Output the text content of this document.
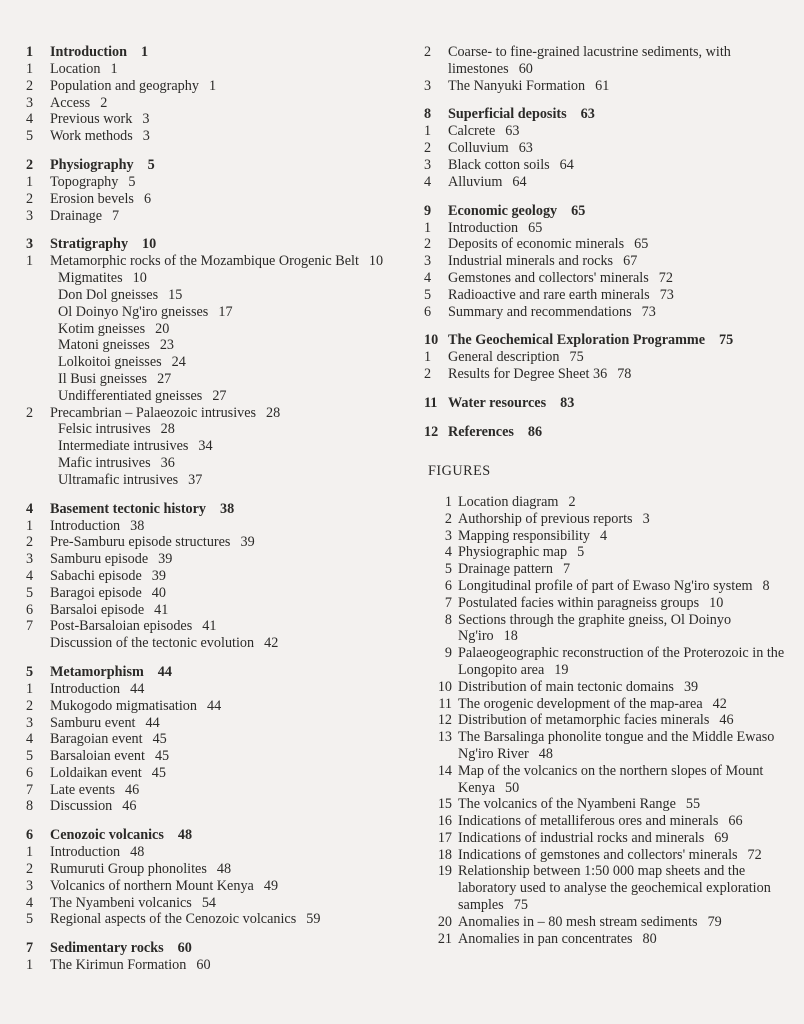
1	Introduction 1
1	Location 1
2	Population and geography 1
3	Access 2
4	Previous work 3
5	Work methods 3
2	Physiography 5
1	Topography 5
2	Erosion bevels 6
3	Drainage 7
3	Stratigraphy 10
1	Metamorphic rocks of the Mozambique Orogenic Belt 10
Migmatites 10
Don Dol gneisses 15
Ol Doinyo Ng'iro gneisses 17
Kotim gneisses 20
Matoni gneisses 23
Lolkoitoi gneisses 24
Il Busi gneisses 27
Undifferentiated gneisses 27
2	Precambrian – Palaeozoic intrusives 28
Felsic intrusives 28
Intermediate intrusives 34
Mafic intrusives 36
Ultramafic intrusives 37
4	Basement tectonic history 38
1	Introduction 38
2	Pre-Samburu episode structures 39
3	Samburu episode 39
4	Sabachi episode 39
5	Baragoi episode 40
6	Barsaloi episode 41
7	Post-Barsaloian episodes 41
Discussion of the tectonic evolution 42
5	Metamorphism 44
1	Introduction 44
2	Mukogodo migmatisation 44
3	Samburu event 44
4	Baragoian event 45
5	Barsaloian event 45
6	Loldaikan event 45
7	Late events 46
8	Discussion 46
6	Cenozoic volcanics 48
1	Introduction 48
2	Rumuruti Group phonolites 48
3	Volcanics of northern Mount Kenya 49
4	The Nyambeni volcanics 54
5	Regional aspects of the Cenozoic volcanics 59
7	Sedimentary rocks 60
1	The Kirimun Formation 60
2	Coarse- to fine-grained lacustrine sediments, with limestones 60
3	The Nanyuki Formation 61
8	Superficial deposits 63
1	Calcrete 63
2	Colluvium 63
3	Black cotton soils 64
4	Alluvium 64
9	Economic geology 65
1	Introduction 65
2	Deposits of economic minerals 65
3	Industrial minerals and rocks 67
4	Gemstones and collectors' minerals 72
5	Radioactive and rare earth minerals 73
6	Summary and recommendations 73
10 The Geochemical Exploration Programme 75
1	General description 75
2	Results for Degree Sheet 36 78
11 Water resources 83
12 References 86
FIGURES
1 Location diagram 2
2 Authorship of previous reports 3
3 Mapping responsibility 4
4 Physiographic map 5
5 Drainage pattern 7
6 Longitudinal profile of part of Ewaso Ng'iro system 8
7 Postulated facies within paragneiss groups 10
8 Sections through the graphite gneiss, Ol Doinyo Ng'iro 18
9 Palaeogeographic reconstruction of the Proterozoic in the Longopito area 19
10 Distribution of main tectonic domains 39
11 The orogenic development of the map-area 42
12 Distribution of metamorphic facies minerals 46
13 The Barsalinga phonolite tongue and the Middle Ewaso Ng'iro River 48
14 Map of the volcanics on the northern slopes of Mount Kenya 50
15 The volcanics of the Nyambeni Range 55
16 Indications of metalliferous ores and minerals 66
17 Indications of industrial rocks and minerals 69
18 Indications of gemstones and collectors' minerals 72
19 Relationship between 1:50 000 map sheets and the laboratory used to analyse the geochemical exploration samples 75
20 Anomalies in – 80 mesh stream sediments 79
21 Anomalies in pan concentrates 80
